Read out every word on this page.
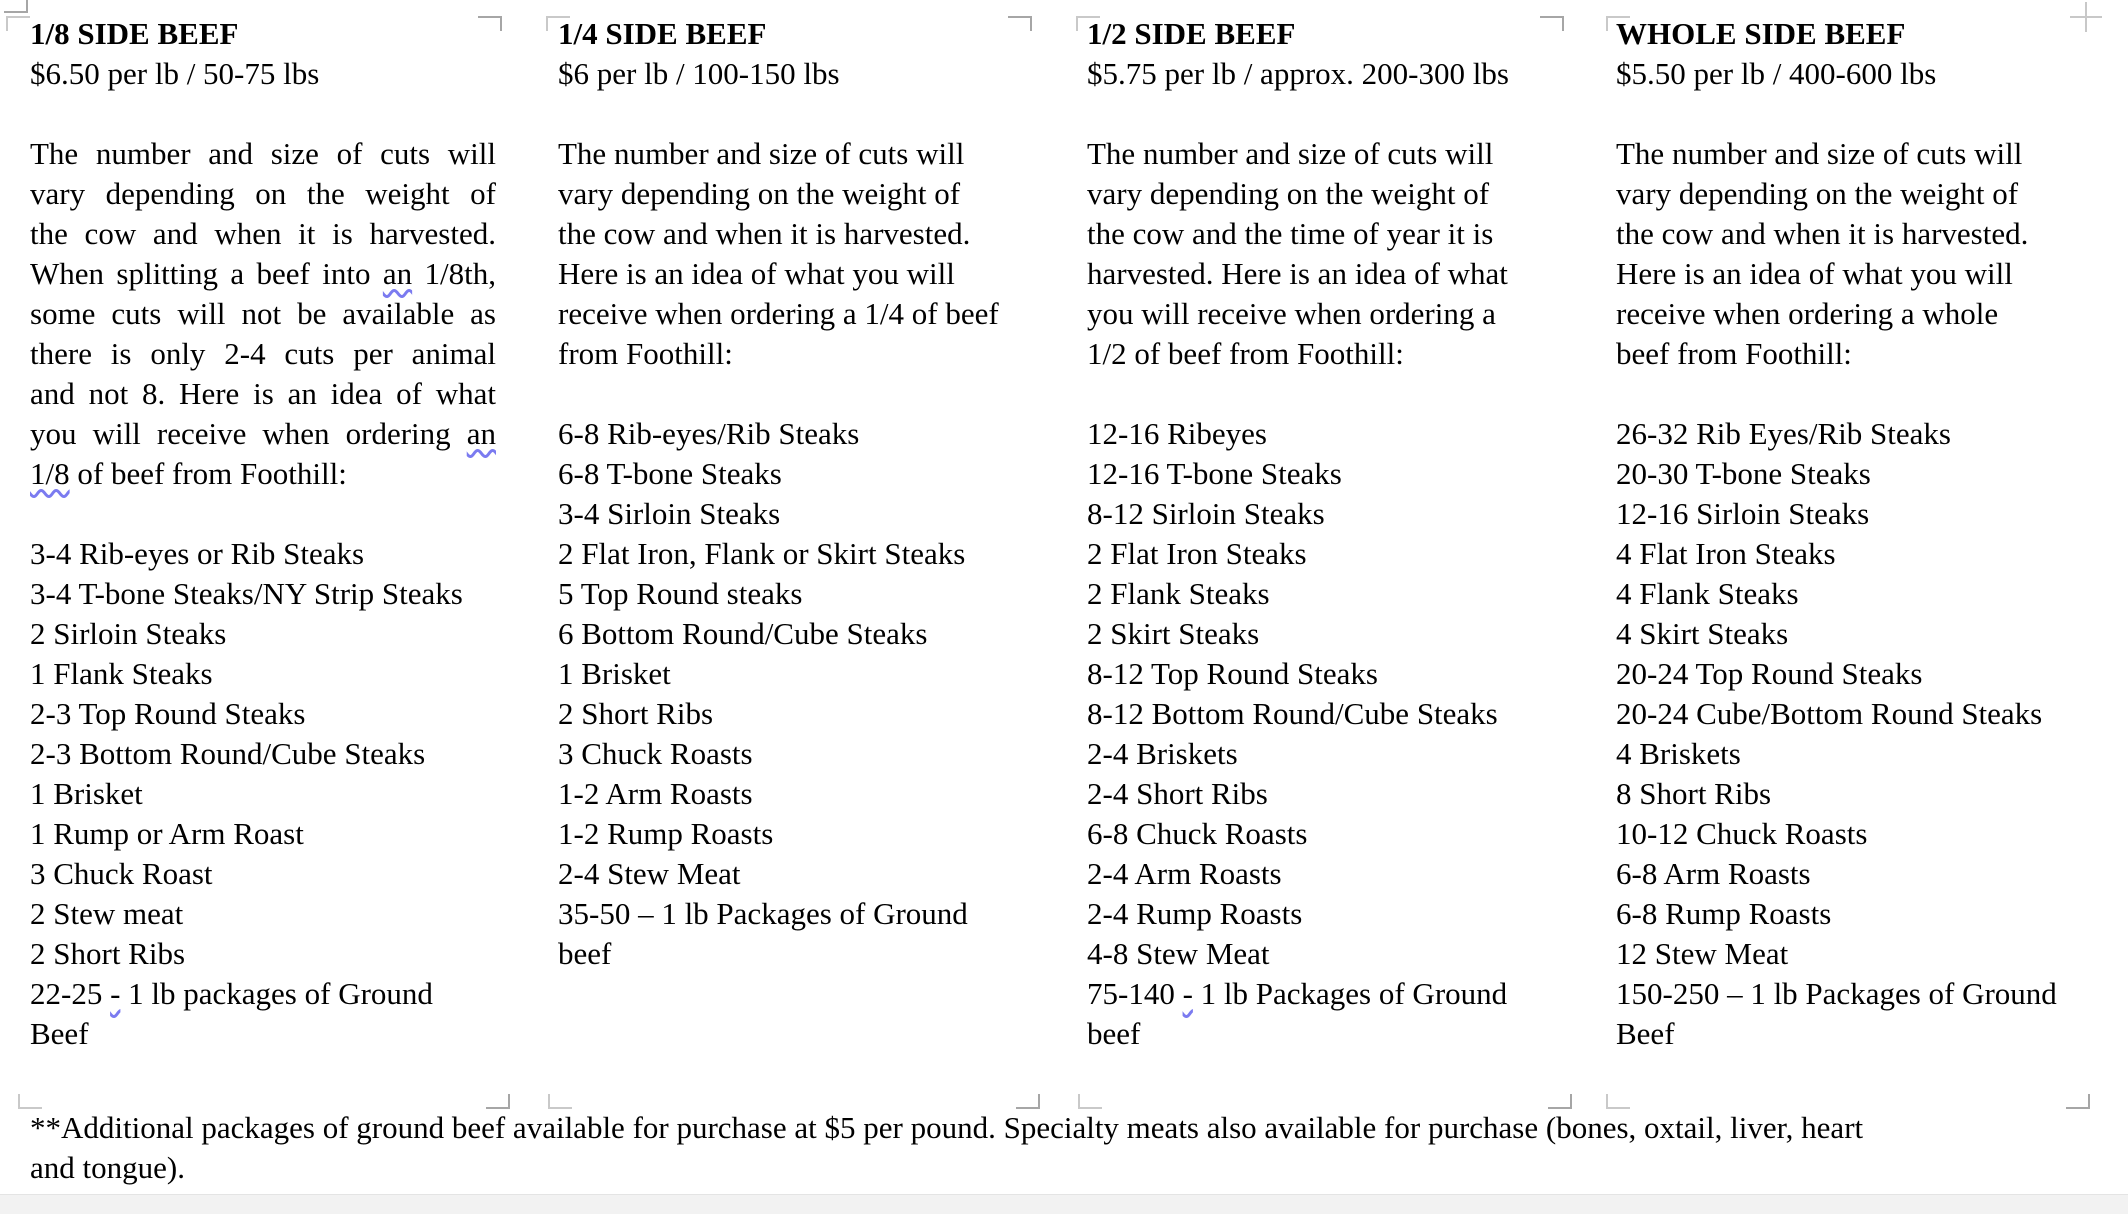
1/8 SIDE BEEF
$6.50 per lb / 50-75 lbs
The number and size of cuts will
vary depending on the weight of
the cow and when it is harvested.
When splitting a beef into an 1/8th,
some cuts will not be available as
there is only 2-4 cuts per animal
and not 8. Here is an idea of what
you will receive when ordering an
1/8 of beef from Foothill:
3-4 Rib-eyes or Rib Steaks
3-4 T-bone Steaks/NY Strip Steaks
2 Sirloin Steaks
1 Flank Steaks
2-3 Top Round Steaks
2-3 Bottom Round/Cube Steaks
1 Brisket
1 Rump or Arm Roast
3 Chuck Roast
2 Stew meat
2 Short Ribs
22-25 - 1 lb packages of Ground
Beef
1/4 SIDE BEEF
$6 per lb / 100-150 lbs
The number and size of cuts will
vary depending on the weight of
the cow and when it is harvested.
Here is an idea of what you will
receive when ordering a 1/4 of beef
from Foothill:
6-8 Rib-eyes/Rib Steaks
6-8 T-bone Steaks
3-4 Sirloin Steaks
2 Flat Iron, Flank or Skirt Steaks
5 Top Round steaks
6 Bottom Round/Cube Steaks
1 Brisket
2 Short Ribs
3 Chuck Roasts
1-2 Arm Roasts
1-2 Rump Roasts
2-4 Stew Meat
35-50 – 1 lb Packages of Ground
beef
1/2 SIDE BEEF
$5.75 per lb / approx. 200-300 lbs
The number and size of cuts will
vary depending on the weight of
the cow and the time of year it is
harvested. Here is an idea of what
you will receive when ordering a
1/2 of beef from Foothill:
12-16 Ribeyes
12-16 T-bone Steaks
8-12 Sirloin Steaks
2 Flat Iron Steaks
2 Flank Steaks
2 Skirt Steaks
8-12 Top Round Steaks
8-12 Bottom Round/Cube Steaks
2-4 Briskets
2-4 Short Ribs
6-8 Chuck Roasts
2-4 Arm Roasts
2-4 Rump Roasts
4-8 Stew Meat
75-140 - 1 lb Packages of Ground
beef
WHOLE SIDE BEEF
$5.50 per lb / 400-600 lbs
The number and size of cuts will
vary depending on the weight of
the cow and when it is harvested.
Here is an idea of what you will
receive when ordering a whole
beef from Foothill:
26-32 Rib Eyes/Rib Steaks
20-30 T-bone Steaks
12-16 Sirloin Steaks
4 Flat Iron Steaks
4 Flank Steaks
4 Skirt Steaks
20-24 Top Round Steaks
20-24 Cube/Bottom Round Steaks
4 Briskets
8 Short Ribs
10-12 Chuck Roasts
6-8 Arm Roasts
6-8 Rump Roasts
12 Stew Meat
150-250 – 1 lb Packages of Ground
Beef
**Additional packages of ground beef available for purchase at $5 per pound. Specialty meats also available for purchase (bones, oxtail, liver, heart
and tongue).
